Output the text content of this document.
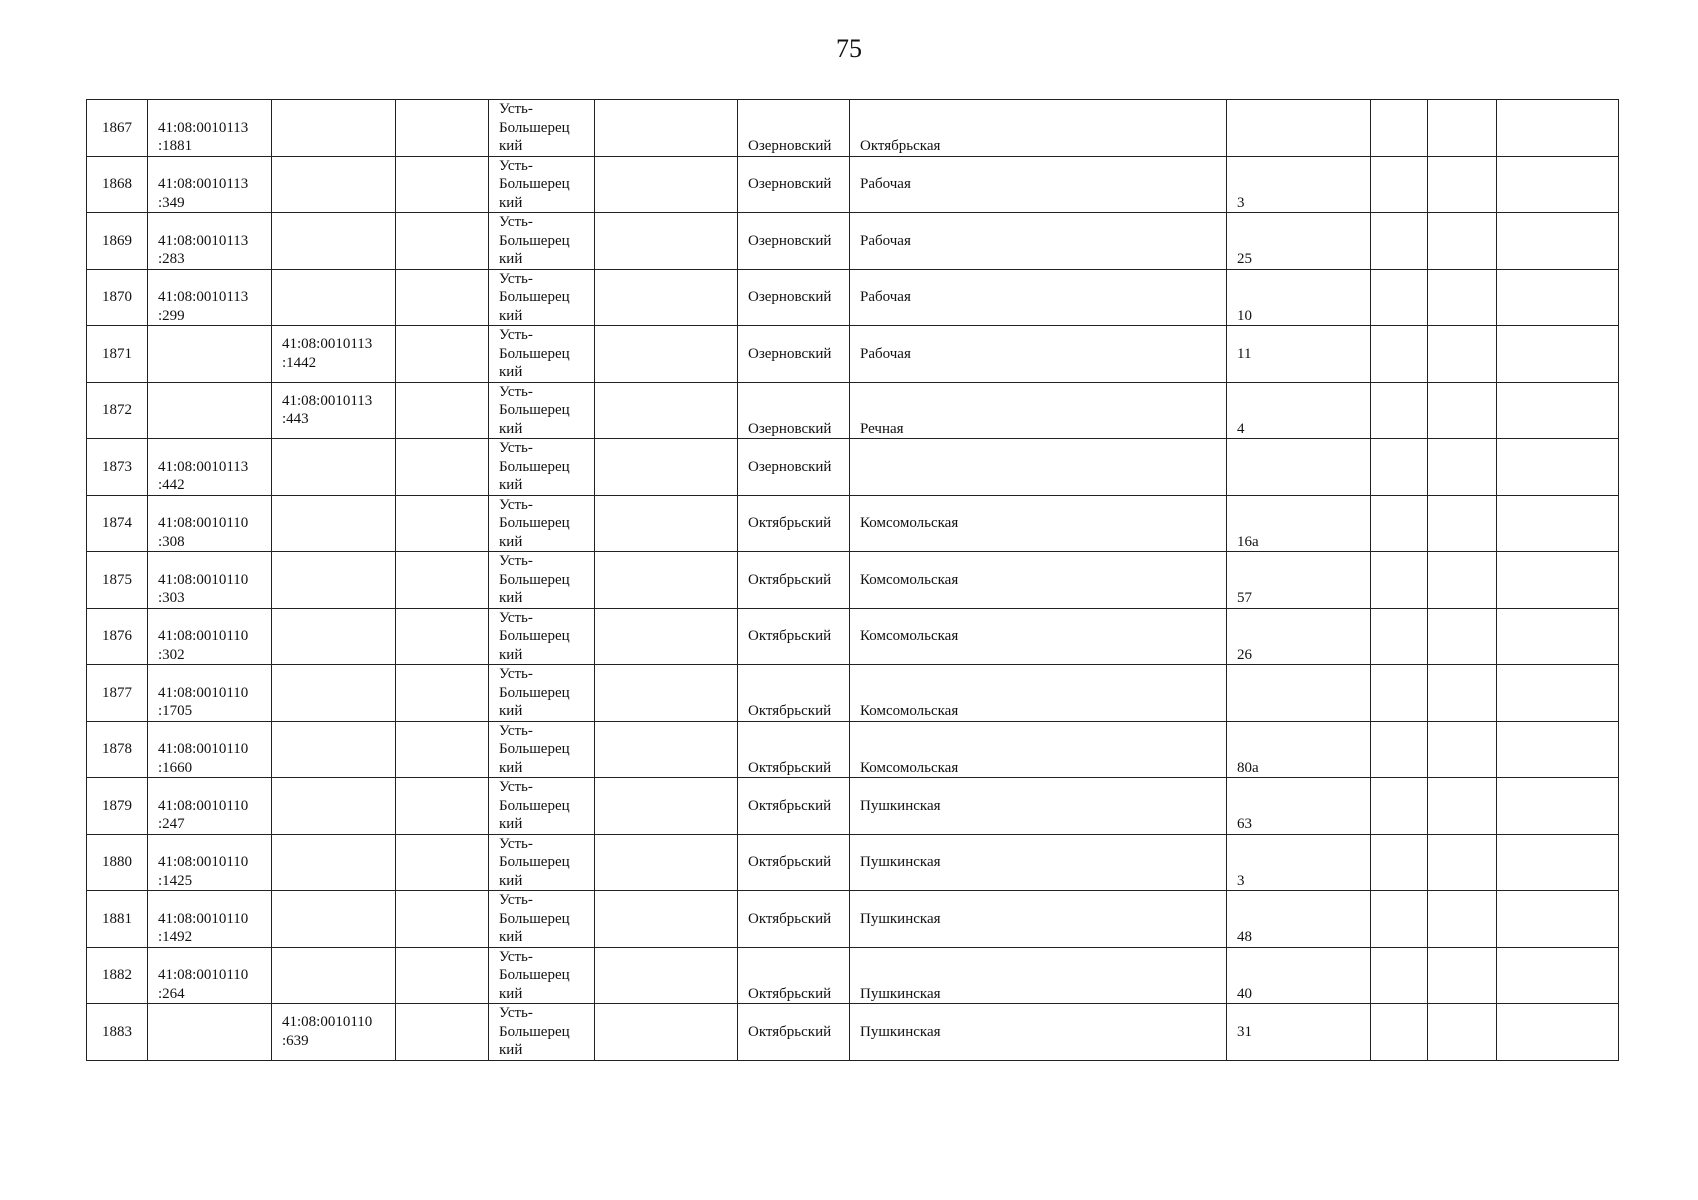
75
1867	41:08:0010113
:1881			Усть-
Большерец
кий		Озерновский	Октябрьская				
1868	41:08:0010113
:349			Усть-
Большерец
кий		Озерновский	Рабочая	3			
1869	41:08:0010113
:283			Усть-
Большерец
кий		Озерновский	Рабочая	25			
1870	41:08:0010113
:299			Усть-
Большерец
кий		Озерновский	Рабочая	10			
1871		41:08:0010113
:1442		Усть-
Большерец
кий		Озерновский	Рабочая	11			
1872		41:08:0010113
:443		Усть-
Большерец
кий		Озерновский	Речная	4			
1873	41:08:0010113
:442			Усть-
Большерец
кий		Озерновский					
1874	41:08:0010110
:308			Усть-
Большерец
кий		Октябрьский	Комсомольская	16а			
1875	41:08:0010110
:303			Усть-
Большерец
кий		Октябрьский	Комсомольская	57			
1876	41:08:0010110
:302			Усть-
Большерец
кий		Октябрьский	Комсомольская	26			
1877	41:08:0010110
:1705			Усть-
Большерец
кий		Октябрьский	Комсомольская				
1878	41:08:0010110
:1660			Усть-
Большерец
кий		Октябрьский	Комсомольская	80а			
1879	41:08:0010110
:247			Усть-
Большерец
кий		Октябрьский	Пушкинская	63			
1880	41:08:0010110
:1425			Усть-
Большерец
кий		Октябрьский	Пушкинская	3			
1881	41:08:0010110
:1492			Усть-
Большерец
кий		Октябрьский	Пушкинская	48			
1882	41:08:0010110
:264			Усть-
Большерец
кий		Октябрьский	Пушкинская	40			
1883		41:08:0010110
:639		Усть-
Большерец
кий		Октябрьский	Пушкинская	31			
